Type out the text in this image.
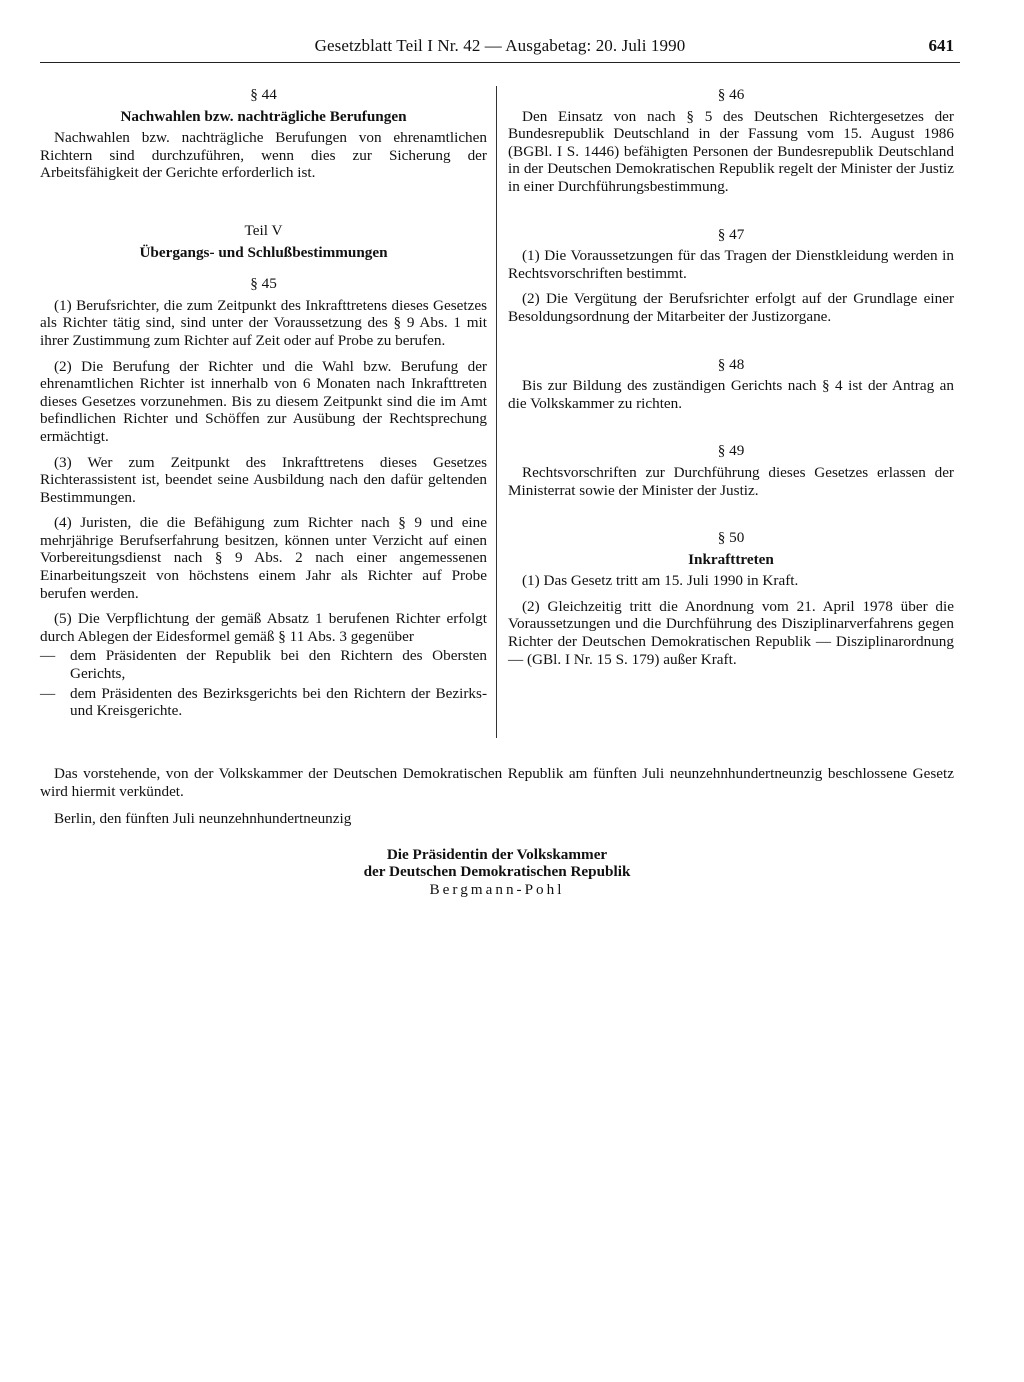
Gesetzblatt Teil I Nr. 42 — Ausgabetag: 20. Juli 1990	641
§ 44
Nachwahlen bzw. nachträgliche Berufungen

Nachwahlen bzw. nachträgliche Berufungen von ehrenamtlichen Richtern sind durchzuführen, wenn dies zur Sicherung der Arbeitsfähigkeit der Gerichte erforderlich ist.

Teil V
Übergangs- und Schlußbestimmungen
§ 45

(1) Berufsrichter, die zum Zeitpunkt des Inkrafttretens dieses Gesetzes als Richter tätig sind, sind unter der Voraussetzung des § 9 Abs. 1 mit ihrer Zustimmung zum Richter auf Zeit oder auf Probe zu berufen.

(2) Die Berufung der Richter und die Wahl bzw. Berufung der ehrenamtlichen Richter ist innerhalb von 6 Monaten nach Inkrafttreten dieses Gesetzes vorzunehmen. Bis zu diesem Zeitpunkt sind die im Amt befindlichen Richter und Schöffen zur Ausübung der Rechtsprechung ermächtigt.

(3) Wer zum Zeitpunkt des Inkrafttretens dieses Gesetzes Richterassistent ist, beendet seine Ausbildung nach den dafür geltenden Bestimmungen.

(4) Juristen, die die Befähigung zum Richter nach § 9 und eine mehrjährige Berufserfahrung besitzen, können unter Verzicht auf einen Vorbereitungsdienst nach § 9 Abs. 2 nach einer angemessenen Einarbeitungszeit von höchstens einem Jahr als Richter auf Probe berufen werden.

(5) Die Verpflichtung der gemäß Absatz 1 berufenen Richter erfolgt durch Ablegen der Eidesformel gemäß § 11 Abs. 3 gegenüber

— dem Präsidenten der Republik bei den Richtern des Obersten Gerichts,
— dem Präsidenten des Bezirksgerichts bei den Richtern der Bezirks- und Kreisgerichte.
§ 46

Den Einsatz von nach § 5 des Deutschen Richtergesetzes der Bundesrepublik Deutschland in der Fassung vom 15. August 1986 (BGBl. I S. 1446) befähigten Personen der Bundesrepublik Deutschland in der Deutschen Demokratischen Republik regelt der Minister der Justiz in einer Durchführungsbestimmung.

§ 47

(1) Die Voraussetzungen für das Tragen der Dienstkleidung werden in Rechtsvorschriften bestimmt.

(2) Die Vergütung der Berufsrichter erfolgt auf der Grundlage einer Besoldungsordnung der Mitarbeiter der Justizorgane.

§ 48

Bis zur Bildung des zuständigen Gerichts nach § 4 ist der Antrag an die Volkskammer zu richten.

§ 49

Rechtsvorschriften zur Durchführung dieses Gesetzes erlassen der Ministerrat sowie der Minister der Justiz.

§ 50
Inkrafttreten

(1) Das Gesetz tritt am 15. Juli 1990 in Kraft.

(2) Gleichzeitig tritt die Anordnung vom 21. April 1978 über die Voraussetzungen und die Durchführung des Disziplinarverfahrens gegen Richter der Deutschen Demokratischen Republik — Disziplinarordnung — (GBl. I Nr. 15 S. 179) außer Kraft.

Das vorstehende, von der Volkskammer der Deutschen Demokratischen Republik am fünften Juli neunzehnhundertneunzig beschlossene Gesetz wird hiermit verkündet.

Berlin, den fünften Juli neunzehnhundertneunzig

Die Präsidentin der Volkskammer
der Deutschen Demokratischen Republik
Bergmann-Pohl
